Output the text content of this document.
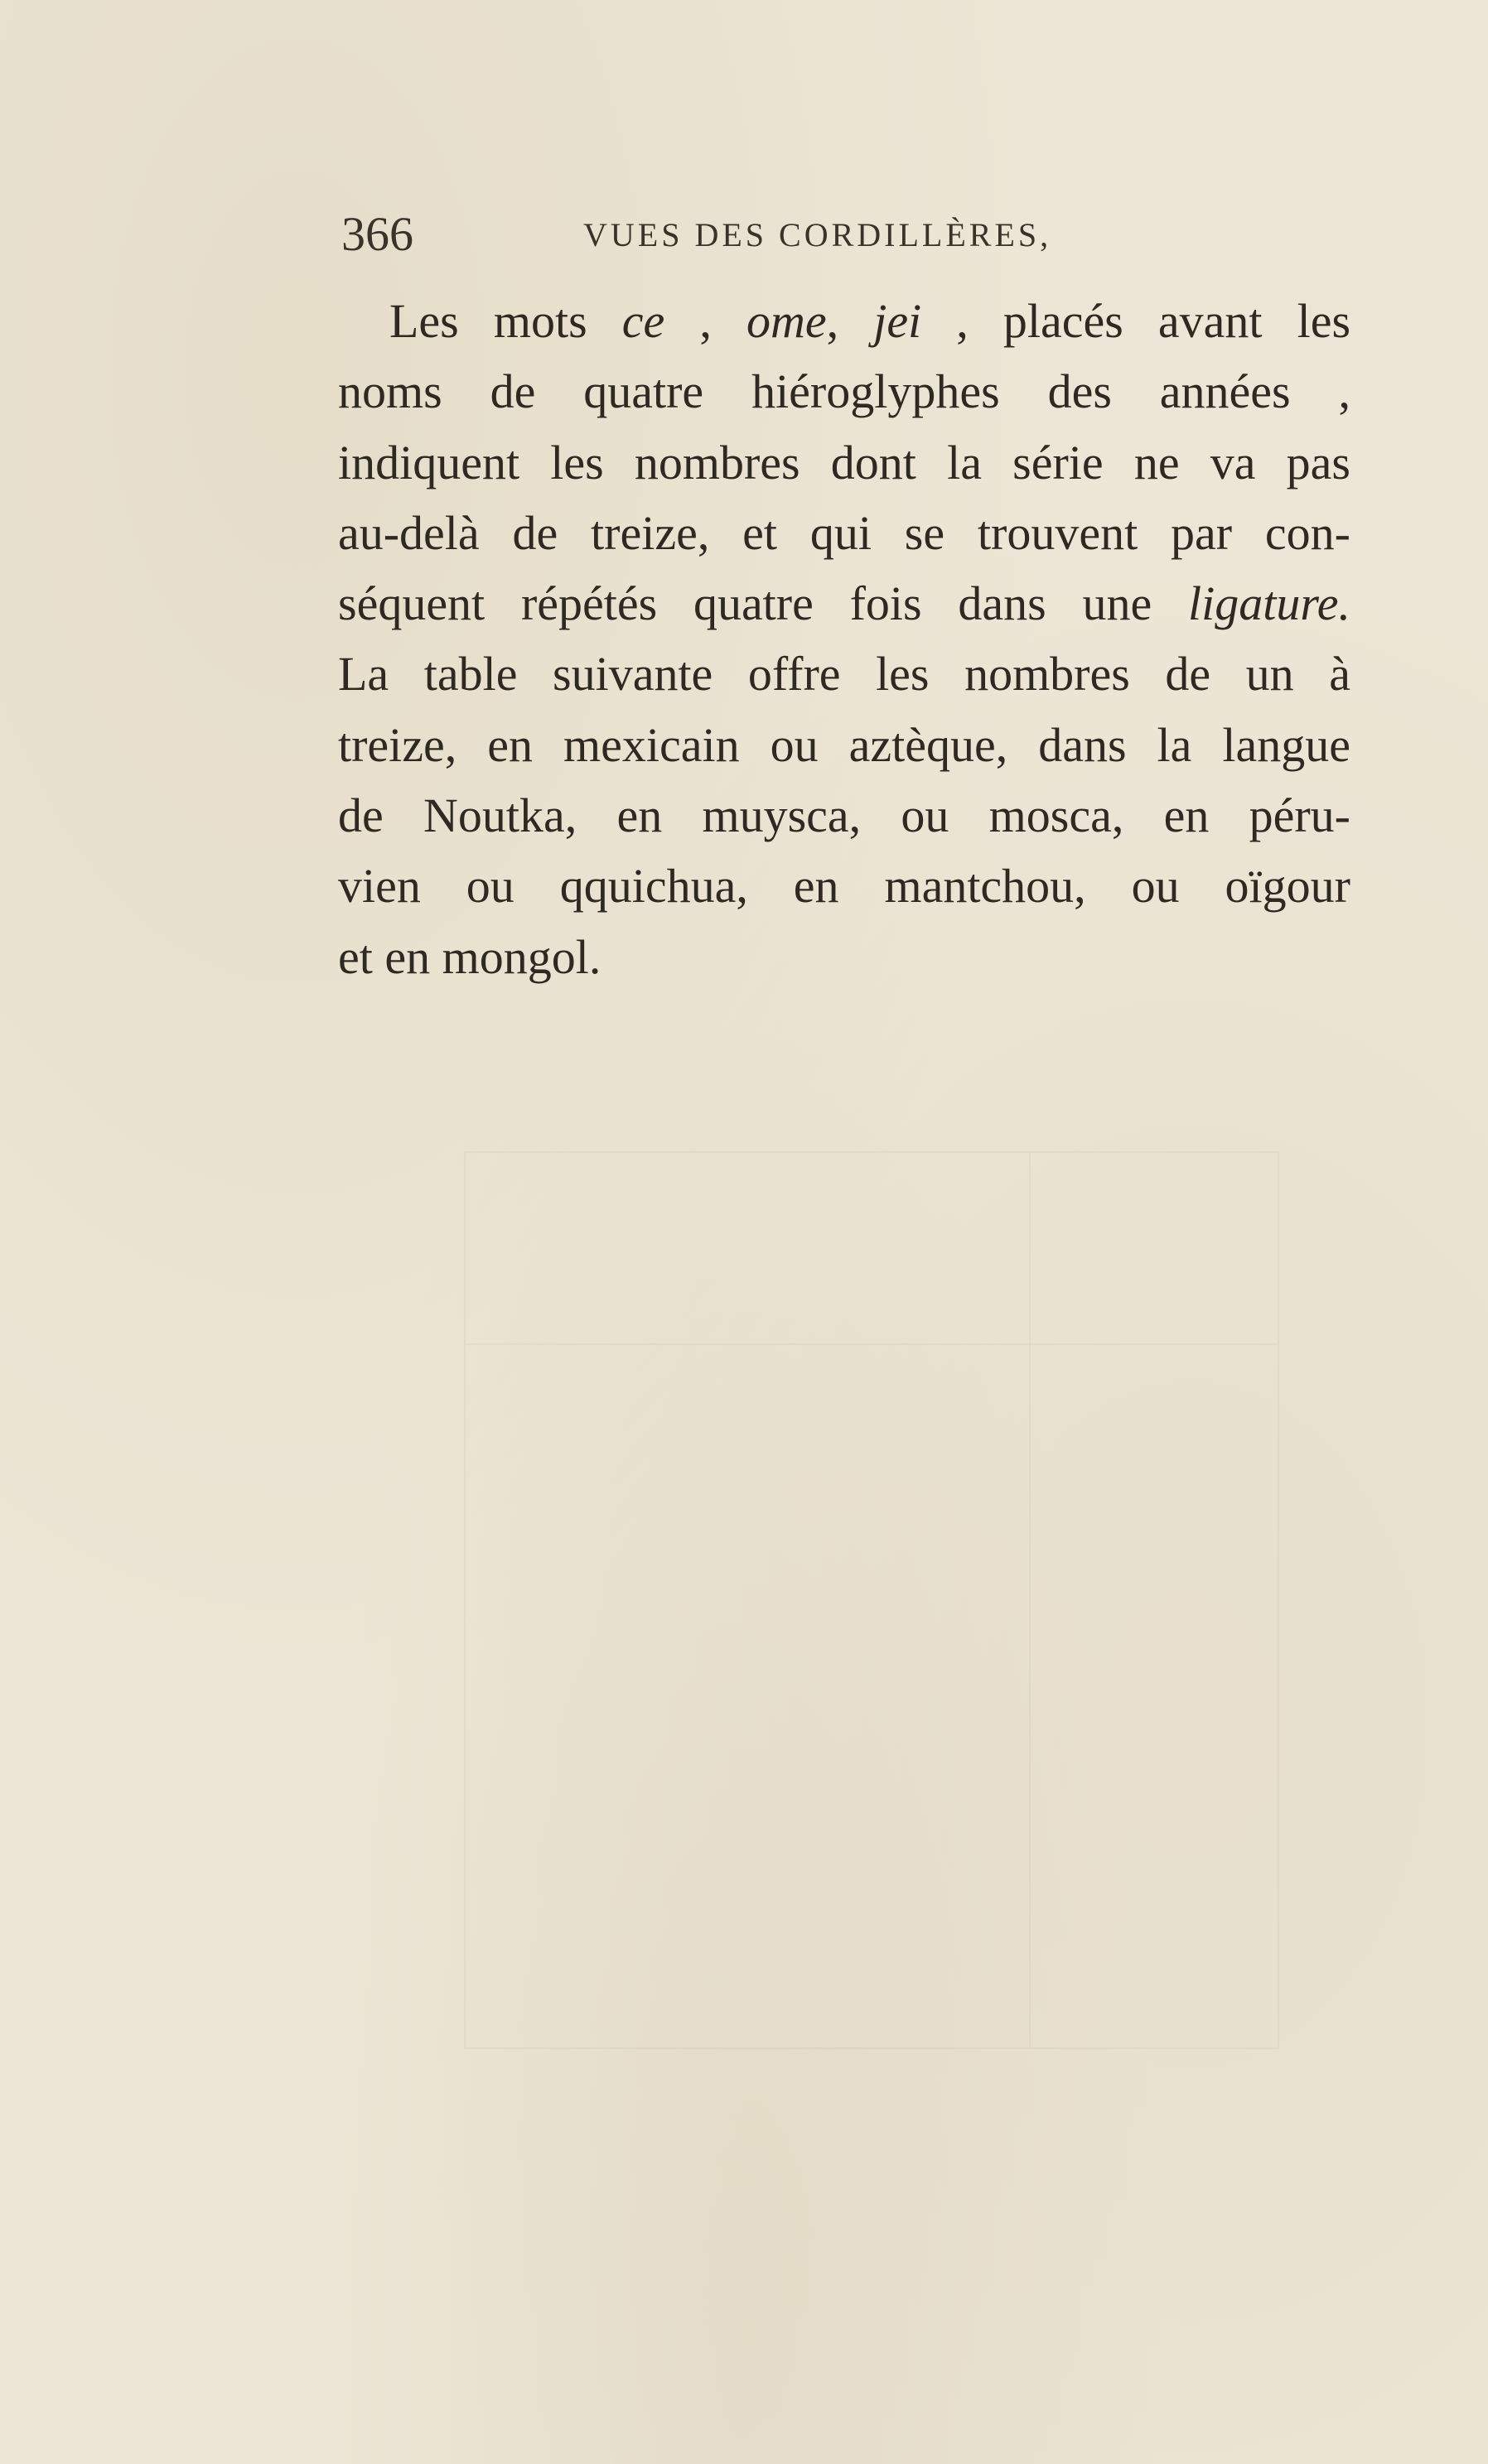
366	VUES DES CORDILLÈRES,

Les mots ce , ome, jei , placés avant les
noms de quatre hiéroglyphes des années ,
indiquent les nombres dont la série ne va pas
au-delà de treize, et qui se trouvent par con-
séquent répétés quatre fois dans une ligature.
La table suivante offre les nombres de un à
treize, en mexicain ou aztèque, dans la langue
de Noutka, en muysca, ou mosca, en péru-
vien ou qquichua, en mantchou, ou oïgour
et en mongol.
